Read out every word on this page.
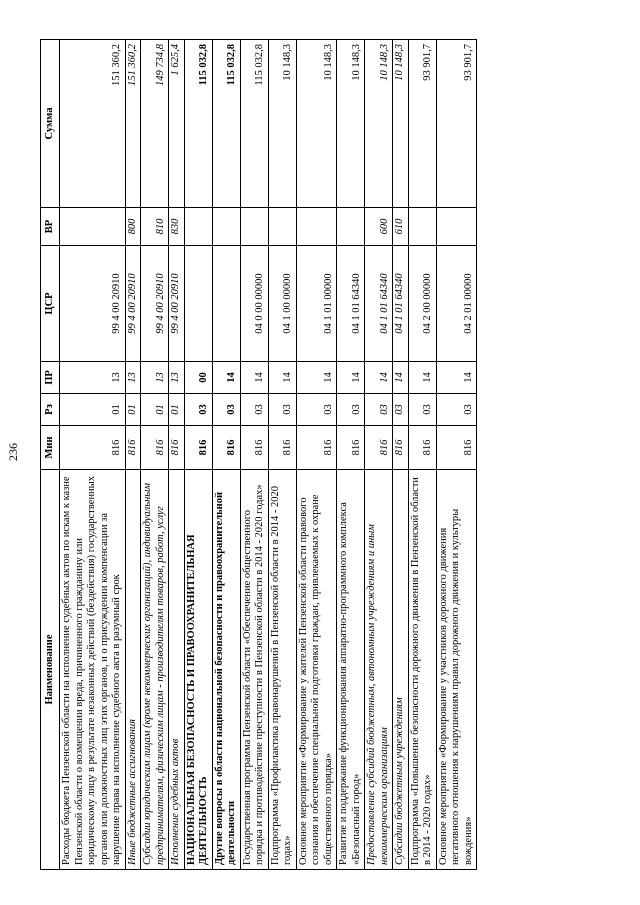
236
Наименование	Мин	Рз	ПР	ЦСР	ВР	Сумма
Расходы бюджета Пензенской области на исполнение судебных актов по искам к казне Пензенской области о возмещении вреда, причиненного гражданину или юридическому лицу в результате незаконных действий (бездействия) государственных органов или должностных лиц этих органов, и о присуждении компенсации за нарушение права на исполнение судебного акта в разумный срок	816	01	13	99 4 00 20910		151 360,2
Иные бюджетные ассигнования	816	01	13	99 4 00 20910	800	151 360,2
Субсидии юридическим лицам (кроме некоммерческих организаций), индивидуальным предпринимателям, физическим лицам - производителям товаров, работ, услуг	816	01	13	99 4 00 20910	810	149 734,8
Исполнение судебных актов	816	01	13	99 4 00 20910	830	1 625,4
НАЦИОНАЛЬНАЯ БЕЗОПАСНОСТЬ И ПРАВООХРАНИТЕЛЬНАЯ ДЕЯТЕЛЬНОСТЬ	816	03	00			115 032,8
Другие вопросы в области национальной безопасности и правоохранительной деятельности	816	03	14			115 032,8
Государственная программа Пензенской области «Обеспечение общественного порядка и противодействие преступности в Пензенской области в 2014 - 2020 годах»	816	03	14	04 0 00 00000		115 032,8
Подпрограмма «Профилактика правонарушений в Пензенской области в 2014 - 2020 годах»	816	03	14	04 1 00 00000		10 148,3
Основное мероприятие «Формирование у жителей Пензенской области правового сознания и обеспечение специальной подготовки граждан, привлекаемых к охране общественного порядка»	816	03	14	04 1 01 00000		10 148,3
Развитие и поддержание функционирования аппаратно-программного комплекса «Безопасный город»	816	03	14	04 1 01 64340		10 148,3
Предоставление субсидий бюджетным, автономным учреждениям и иным некоммерческим организациям	816	03	14	04 1 01 64340	600	10 148,3
Субсидии бюджетным учреждениям	816	03	14	04 1 01 64340	610	10 148,3
Подпрограмма «Повышение безопасности дорожного движения в Пензенской области в 2014 - 2020 годах»	816	03	14	04 2 00 00000		93 901,7
Основное мероприятие «Формирование у участников дорожного движения негативного отношения к нарушениям правил дорожного движения и культуры вождения»	816	03	14	04 2 01 00000		93 901,7
